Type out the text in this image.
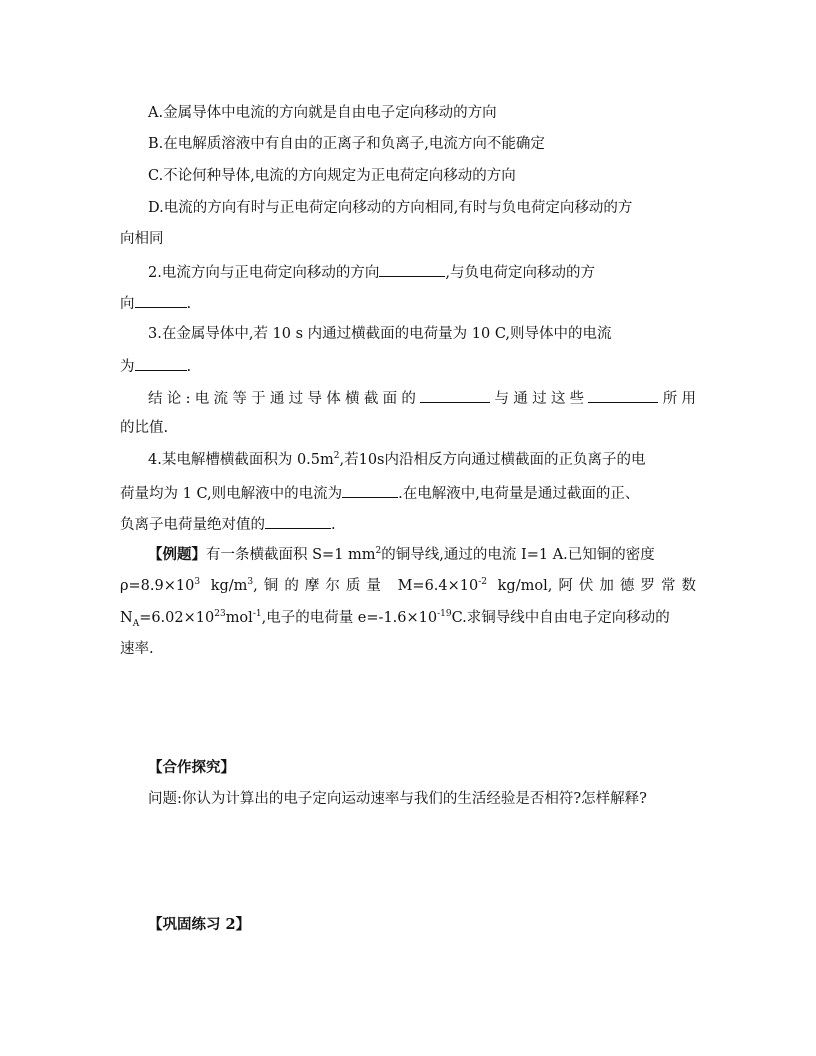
A.金属导体中电流的方向就是自由电子定向移动的方向
B.在电解质溶液中有自由的正离子和负离子,电流方向不能确定
C.不论何种导体,电流的方向规定为正电荷定向移动的方向
D.电流的方向有时与正电荷定向移动的方向相同,有时与负电荷定向移动的方
向相同
2.电流方向与正电荷定向移动的方向	,与负电荷定向移动的方
向	.
3.在金属导体中,若 10 s 内通过横截面的电荷量为 10 C,则导体中的电流
为	.
结论:电流等于通过导体横截面的	与通过这些	所用
的比值.
4.某电解槽横截面积为 $0.5m^2$,若10s内沿相反方向通过横截面的正负离子的电
荷量均为 1 C,则电解液中的电流为	.在电解液中,电荷量是通过截面的正、
负离子电荷量绝对值的	.
【例题】有一条横截面积 S=1 $mm^2$的铜导线,通过的电流 I=1 A.已知铜的密度
$\rho=8.9\times 10^3$ $kg/m^3$,铜的摩尔质量 $M=6.4\times 10^{-2}$ kg/mol,阿伏加德罗常数
$N_A=6.02\times 10^{23}mol^{-1}$,电子的电荷量 $e=-1.6\times 10^{-19}C$.求铜导线中自由电子定向移动的
速率.
【合作探究】
问题:你认为计算出的电子定向运动速率与我们的生活经验是否相符?怎样解释?
【巩固练习 2】
